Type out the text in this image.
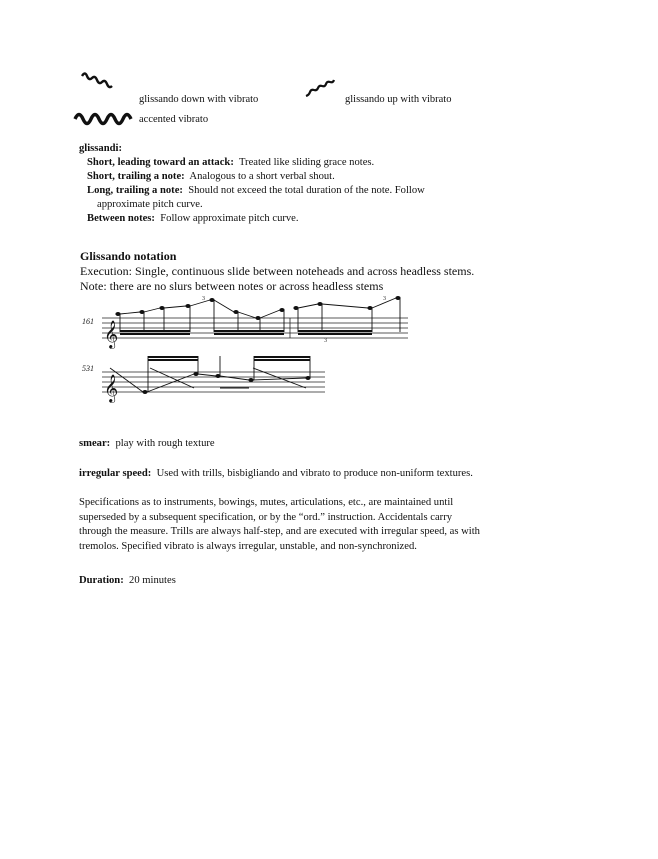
glissando down with vibrato	glissando up with vibrato
accented vibrato
glissandi:
Short, leading toward an attack: Treated like sliding grace notes.
Short, trailing a note: Analogous to a short verbal shout.
Long, trailing a note: Should not exceed the total duration of the note. Follow
approximate pitch curve.
Between notes: Follow approximate pitch curve.
Glissando notation
Execution: Single, continuous slide between noteheads and across headless stems.
Note: there are no slurs between notes or across headless stems
𝄞
161
3
3
3
𝄞
531
smear: play with rough texture
irregular speed: Used with trills, bisbigliando and vibrato to produce non-uniform textures.
Specifications as to instruments, bowings, mutes, articulations, etc., are maintained until
superseded by a subsequent specification, or by the “ord.” instruction. Accidentals carry
through the measure. Trills are always half-step, and are executed with irregular speed, as with
tremolos. Specified vibrato is always irregular, unstable, and non-synchronized.
Duration: 20 minutes
